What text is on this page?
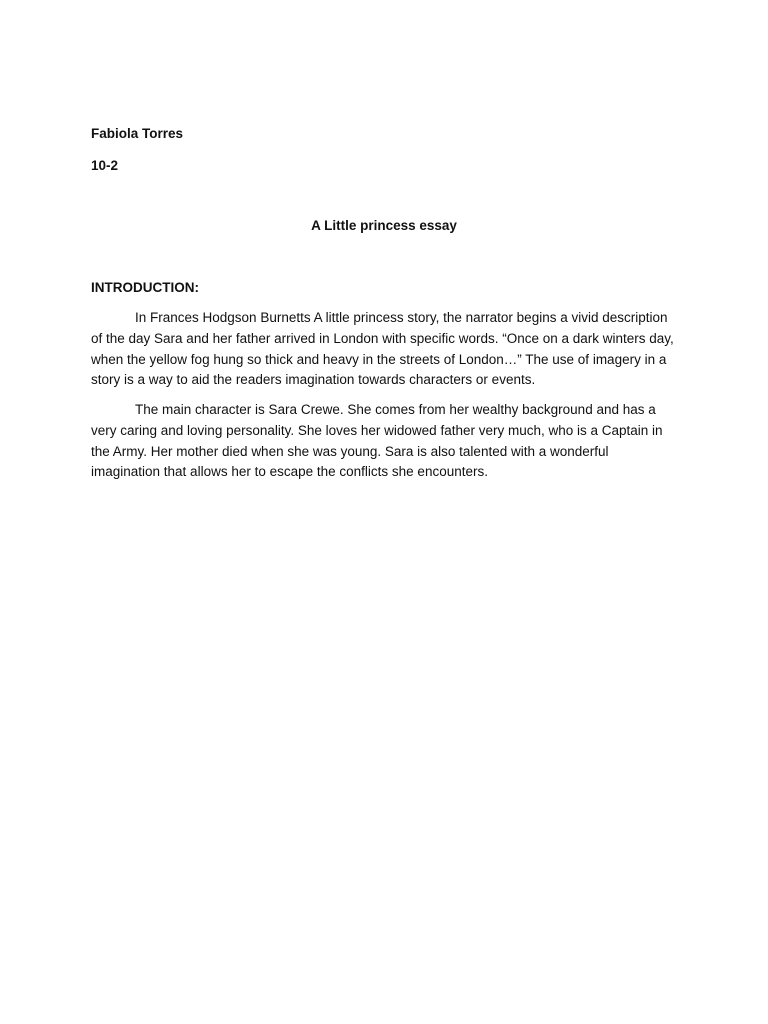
Fabiola Torres
10-2
A Little princess essay
INTRODUCTION:

In Frances Hodgson Burnetts A little princess story, the narrator begins a vivid description of the day Sara and her father arrived in London with specific words. “Once on a dark winters day, when the yellow fog hung so thick and heavy in the streets of London…” The use of imagery in a story is a way to aid the readers imagination towards characters or events.

The main character is Sara Crewe. She comes from her wealthy background and has a very caring and loving personality. She loves her widowed father very much, who is a Captain in the Army. Her mother died when she was young. Sara is also talented with a wonderful imagination that allows her to escape the conflicts she encounters.
